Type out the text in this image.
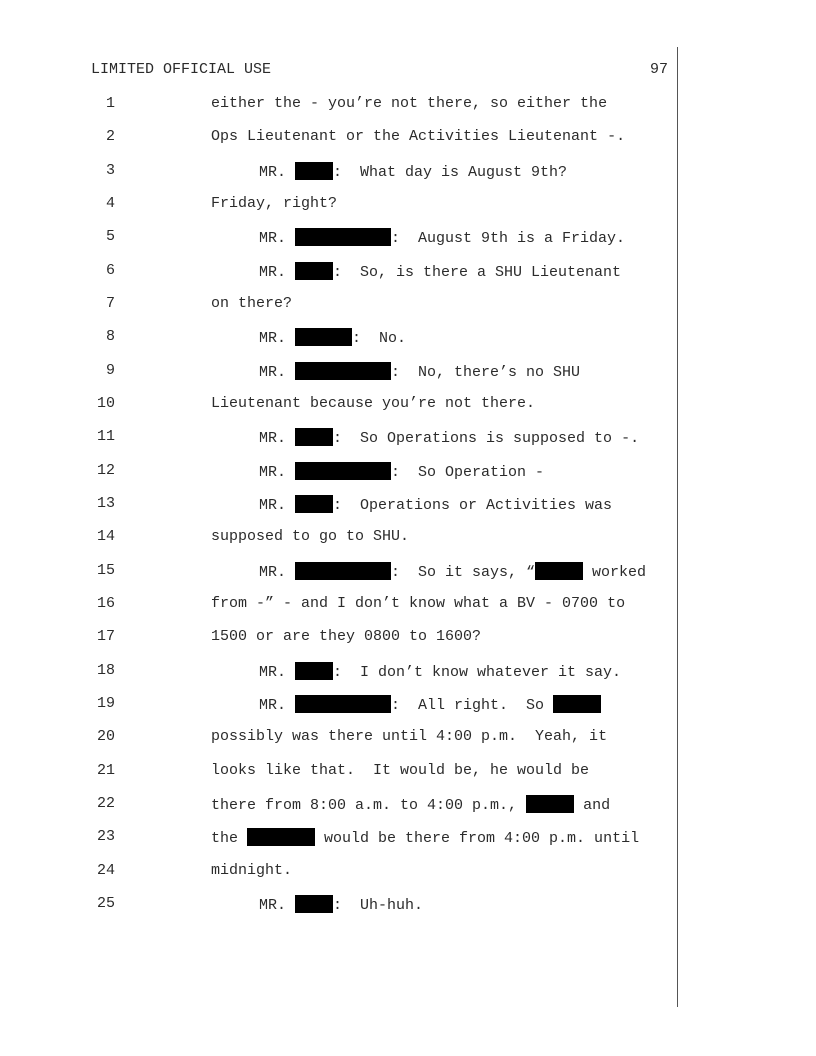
LIMITED OFFICIAL USE	97
1	either the - you’re not there, so either the
2	Ops Lieutenant or the Activities Lieutenant -.
3	MR.	:  What day is August 9th?
4	Friday, right?
5	MR.	:  August 9th is a Friday.
6	MR.	:  So, is there a SHU Lieutenant
7	on there?
8	MR.	:  No.
9	MR.	:  No, there’s no SHU
10	Lieutenant because you’re not there.
11	MR.	:  So Operations is supposed to -.
12	MR.	:  So Operation -
13	MR.	:  Operations or Activities was
14	supposed to go to SHU.
15	MR.	:  So it says, “	worked
16	from -” - and I don’t know what a BV - 0700 to
17	1500 or are they 0800 to 1600?
18	MR.	:  I don’t know whatever it say.
19	MR.	:  All right.  So
20	possibly was there until 4:00 p.m.  Yeah, it
21	looks like that.  It would be, he would be
22	there from 8:00 a.m. to 4:00 p.m.,	and
23	the	would be there from 4:00 p.m. until
24	midnight.
25	MR.	:  Uh-huh.
